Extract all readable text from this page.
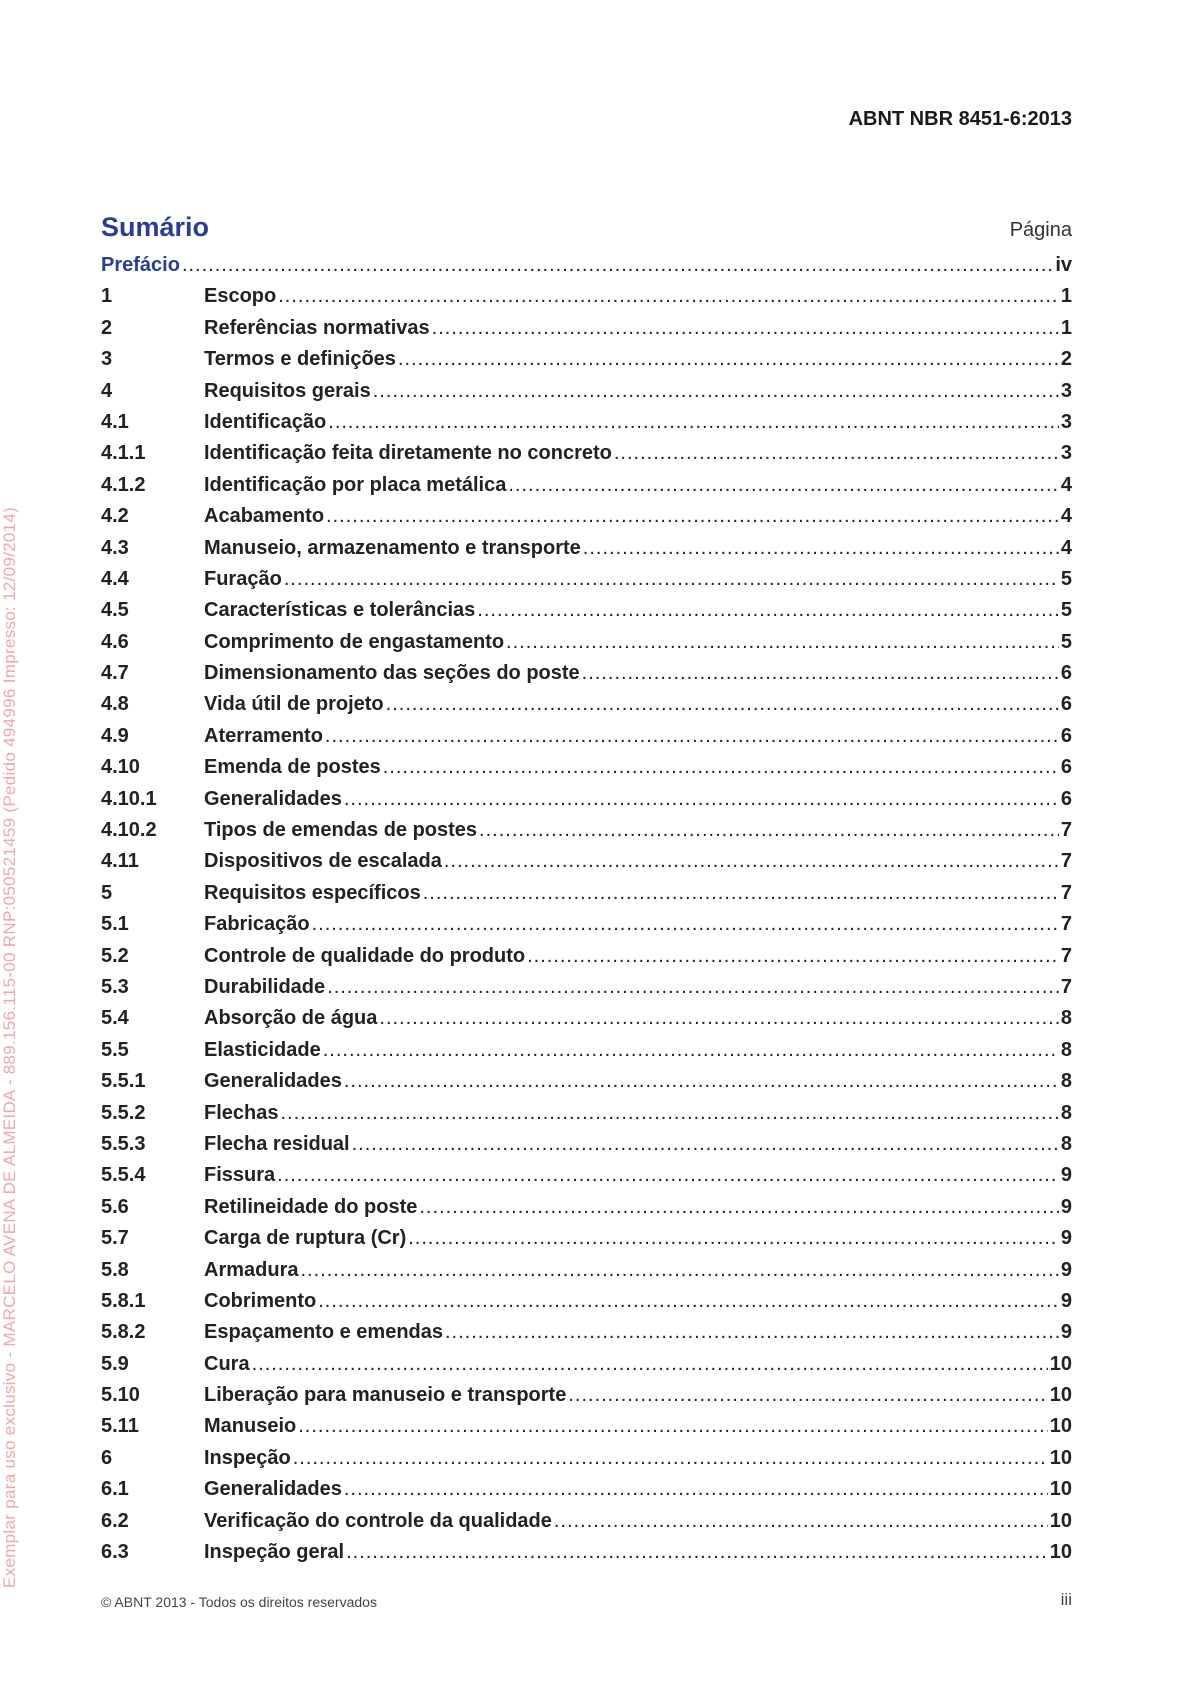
ABNT NBR 8451-6:2013
Sumário	Página
Prefácio .....	iv
1	Escopo .....	1
2	Referências normativas .....	1
3	Termos e definições .....	2
4	Requisitos gerais .....	3
4.1	Identificação .....	3
4.1.1	Identificação feita diretamente no concreto .....	3
4.1.2	Identificação por placa metálica .....	4
4.2	Acabamento .....	4
4.3	Manuseio, armazenamento e transporte .....	4
4.4	Furação .....	5
4.5	Características e tolerâncias .....	5
4.6	Comprimento de engastamento .....	5
4.7	Dimensionamento das seções do poste .....	6
4.8	Vida útil de projeto .....	6
4.9	Aterramento .....	6
4.10	Emenda de postes .....	6
4.10.1	Generalidades .....	6
4.10.2	Tipos de emendas de postes .....	7
4.11	Dispositivos de escalada .....	7
5	Requisitos específicos .....	7
5.1	Fabricação .....	7
5.2	Controle de qualidade do produto .....	7
5.3	Durabilidade .....	7
5.4	Absorção de água .....	8
5.5	Elasticidade .....	8
5.5.1	Generalidades .....	8
5.5.2	Flechas .....	8
5.5.3	Flecha residual .....	8
5.5.4	Fissura .....	9
5.6	Retilineidade do poste .....	9
5.7	Carga de ruptura (Cr) .....	9
5.8	Armadura .....	9
5.8.1	Cobrimento .....	9
5.8.2	Espaçamento e emendas .....	9
5.9	Cura .....	10
5.10	Liberação para manuseio e transporte .....	10
5.11	Manuseio .....	10
6	Inspeção .....	10
6.1	Generalidades .....	10
6.2	Verificação do controle da qualidade .....	10
6.3	Inspeção geral .....	10
© ABNT 2013 - Todos os direitos reservados	iii
Exemplar para uso exclusivo - MARCELO AVENA DE ALMEIDA - 889.156.115-00 RNP:050521459 (Pedido 494996 Impresso: 12/09/2014)
